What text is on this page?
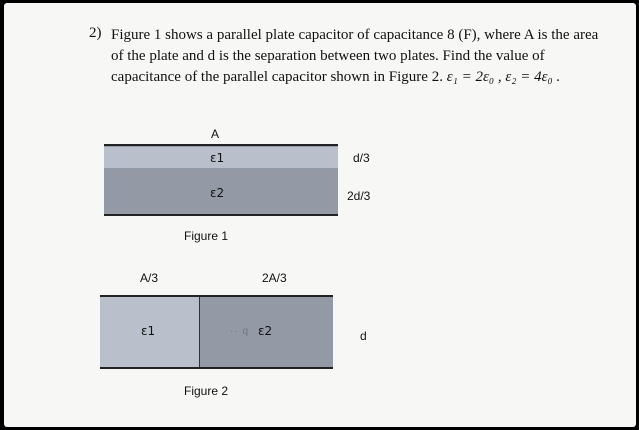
2) Figure 1 shows a parallel plate capacitor of capacitance 8 (F), where A is the area
of the plate and d is the separation between two plates. Find the value of
capacitance of the parallel capacitor shown in Figure 2. ε₁ = 2ε₀ , ε₂ = 4ε₀ .
A
ε1
ε2
d/3
2d/3
Figure 1
A/3	2A/3
ε1	·· q ε2	d
Figure 2
